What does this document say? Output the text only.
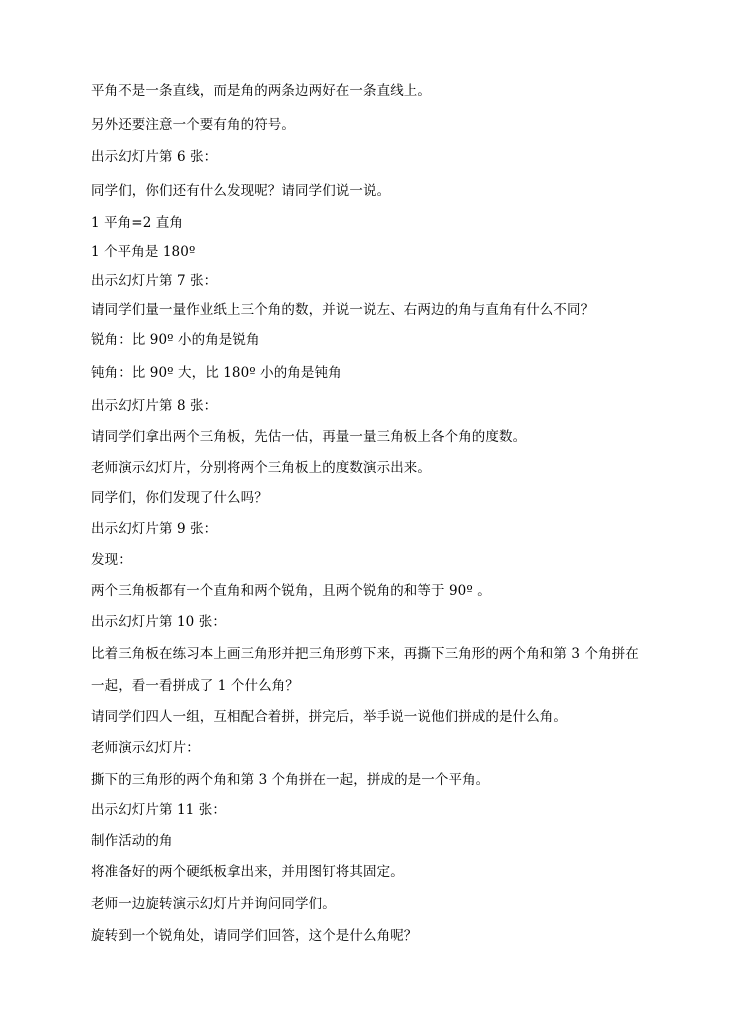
平角不是一条直线，而是角的两条边两好在一条直线上。
另外还要注意一个要有角的符号。
出示幻灯片第 6 张：
同学们，你们还有什么发现呢？请同学们说一说。
1 平角=2 直角
1 个平角是 180º
出示幻灯片第 7 张：
请同学们量一量作业纸上三个角的数，并说一说左、右两边的角与直角有什么不同？
锐角：比 90º 小的角是锐角
钝角：比 90º 大，比 180º 小的角是钝角
出示幻灯片第 8 张：
请同学们拿出两个三角板，先估一估，再量一量三角板上各个角的度数。
老师演示幻灯片，分别将两个三角板上的度数演示出来。
同学们，你们发现了什么吗？
出示幻灯片第 9 张：
发现：
两个三角板都有一个直角和两个锐角，且两个锐角的和等于 90º 。
出示幻灯片第 10 张：
比着三角板在练习本上画三角形并把三角形剪下来，再撕下三角形的两个角和第 3 个角拼在
一起，看一看拼成了 1 个什么角？
请同学们四人一组，互相配合着拼，拼完后，举手说一说他们拼成的是什么角。
老师演示幻灯片：
撕下的三角形的两个角和第 3 个角拼在一起，拼成的是一个平角。
出示幻灯片第 11 张：
制作活动的角
将准备好的两个硬纸板拿出来，并用图钉将其固定。
老师一边旋转演示幻灯片并询问同学们。
旋转到一个锐角处，请同学们回答，这个是什么角呢？
